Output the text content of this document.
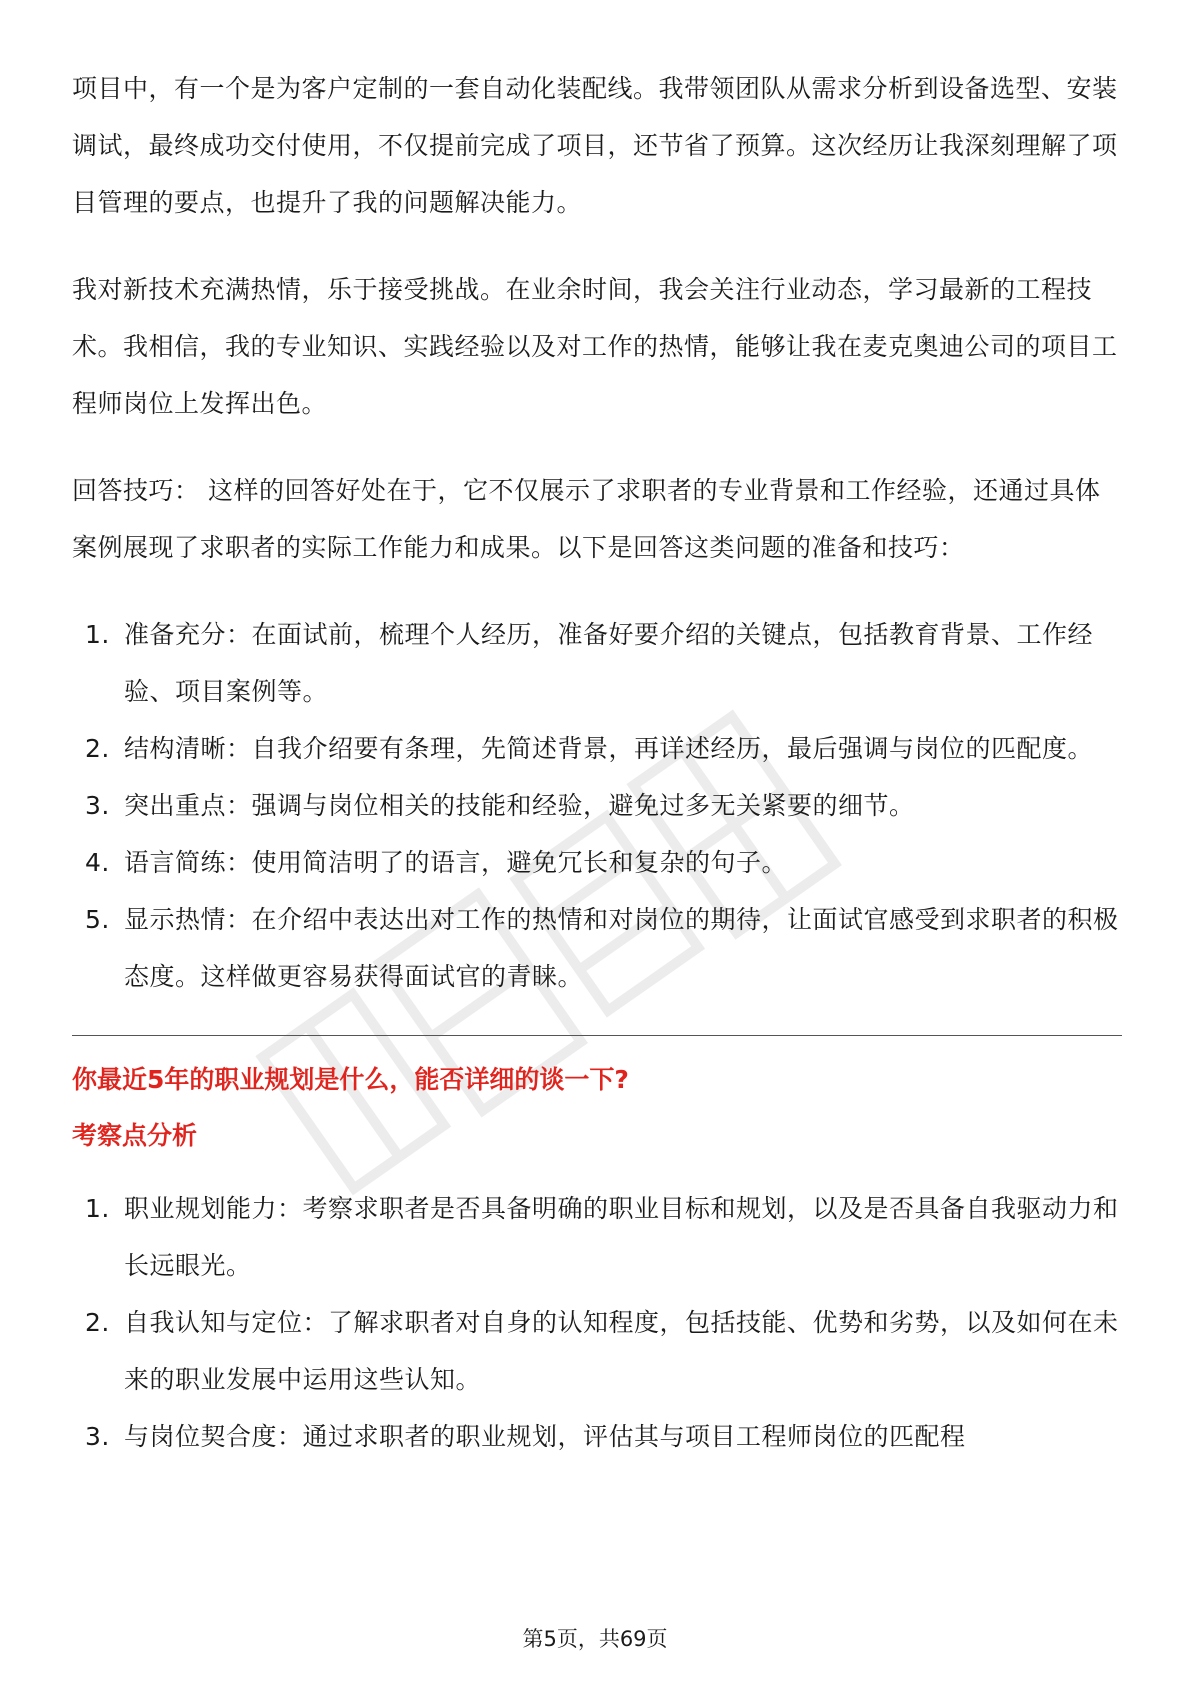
项目中，有一个是为客户定制的一套自动化装配线。我带领团队从需求分析到设备选型、安装调试，最终成功交付使用，不仅提前完成了项目，还节省了预算。这次经历让我深刻理解了项目管理的要点，也提升了我的问题解决能力。

我对新技术充满热情，乐于接受挑战。在业余时间，我会关注行业动态，学习最新的工程技术。我相信，我的专业知识、实践经验以及对工作的热情，能够让我在麦克奥迪公司的项目工程师岗位上发挥出色。

回答技巧： 这样的回答好处在于，它不仅展示了求职者的专业背景和工作经验，还通过具体案例展现了求职者的实际工作能力和成果。以下是回答这类问题的准备和技巧：

1. 准备充分：在面试前，梳理个人经历，准备好要介绍的关键点，包括教育背景、工作经验、项目案例等。
2. 结构清晰：自我介绍要有条理，先简述背景，再详述经历，最后强调与岗位的匹配度。
3. 突出重点：强调与岗位相关的技能和经验，避免过多无关紧要的细节。
4. 语言简练：使用简洁明了的语言，避免冗长和复杂的句子。
5. 显示热情：在介绍中表达出对工作的热情和对岗位的期待，让面试官感受到求职者的积极态度。这样做更容易获得面试官的青睐。
你最近5年的职业规划是什么，能否详细的谈一下?
考察点分析
1. 职业规划能力：考察求职者是否具备明确的职业目标和规划，以及是否具备自我驱动力和长远眼光。
2. 自我认知与定位：了解求职者对自身的认知程度，包括技能、优势和劣势，以及如何在未来的职业发展中运用这些认知。
3. 与岗位契合度：通过求职者的职业规划，评估其与项目工程师岗位的匹配程
第5页，共69页
